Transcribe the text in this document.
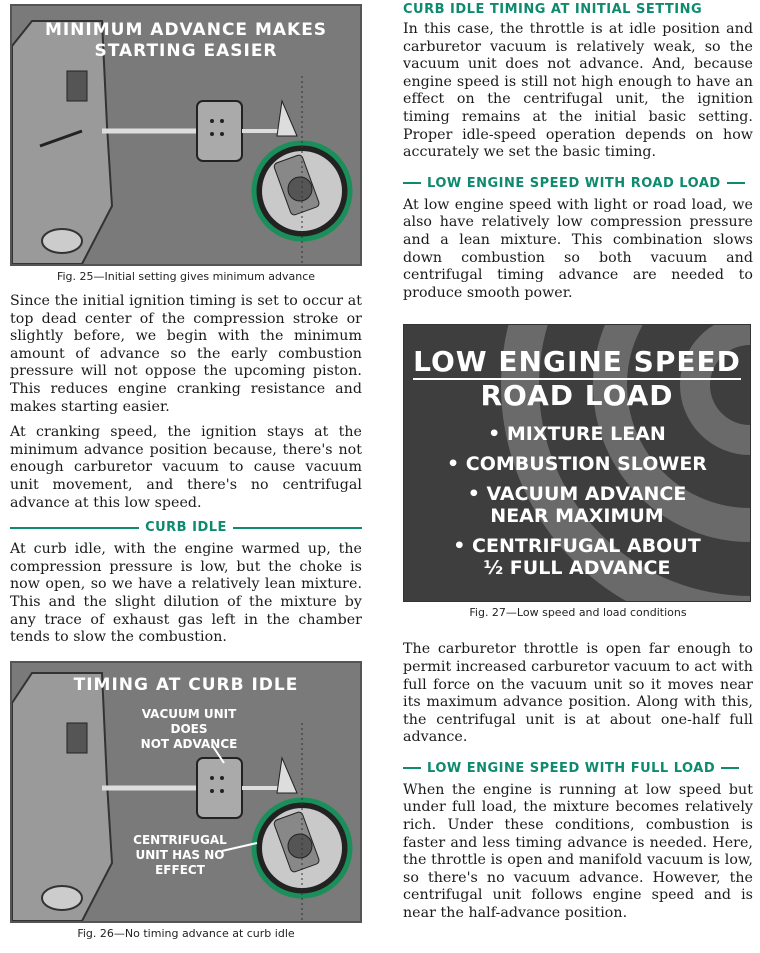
MINIMUM ADVANCE MAKES
STARTING EASIER
Fig. 25—Initial setting gives minimum advance

Since the initial ignition timing is set to occur at top dead center of the compression stroke or slightly before, we begin with the minimum amount of advance so the early combustion pressure will not oppose the upcoming piston. This reduces engine cranking resistance and makes starting easier.

At cranking speed, the ignition stays at the minimum advance position because, there's not enough carburetor vacuum to cause vacuum unit movement, and there's no centrifugal advance at this low speed.

CURB IDLE

At curb idle, with the engine warmed up, the compression pressure is low, but the choke is now open, so we have a relatively lean mixture. This and the slight dilution of the mixture by any trace of exhaust gas left in the chamber tends to slow the combustion.

TIMING AT CURB IDLE
VACUUM UNIT DOES
NOT ADVANCE
CENTRIFUGAL
UNIT HAS NO
EFFECT
Fig. 26—No timing advance at curb idle
CURB IDLE TIMING AT INITIAL SETTING

In this case, the throttle is at idle position and carburetor vacuum is relatively weak, so the vacuum unit does not advance. And, because engine speed is still not high enough to have an effect on the centrifugal unit, the ignition timing remains at the initial basic setting. Proper idle-speed operation depends on how accurately we set the basic timing.

LOW ENGINE SPEED WITH ROAD LOAD

At low engine speed with light or road load, we also have relatively low compression pressure and a lean mixture. This combination slows down combustion so both vacuum and centrifugal timing advance are needed to produce smooth power.

LOW ENGINE SPEED
ROAD LOAD
• MIXTURE LEAN
• COMBUSTION SLOWER
• VACUUM ADVANCE
NEAR MAXIMUM
• CENTRIFUGAL ABOUT
½ FULL ADVANCE
Fig. 27—Low speed and load conditions

The carburetor throttle is open far enough to permit increased carburetor vacuum to act with full force on the vacuum unit so it moves near its maximum advance position. Along with this, the centrifugal unit is at about one-half full advance.

LOW ENGINE SPEED WITH FULL LOAD

When the engine is running at low speed but under full load, the mixture becomes relatively rich. Under these conditions, combustion is faster and less timing advance is needed. Here, the throttle is open and manifold vacuum is low, so there's no vacuum advance. However, the centrifugal unit follows engine speed and is near the half-advance position.
